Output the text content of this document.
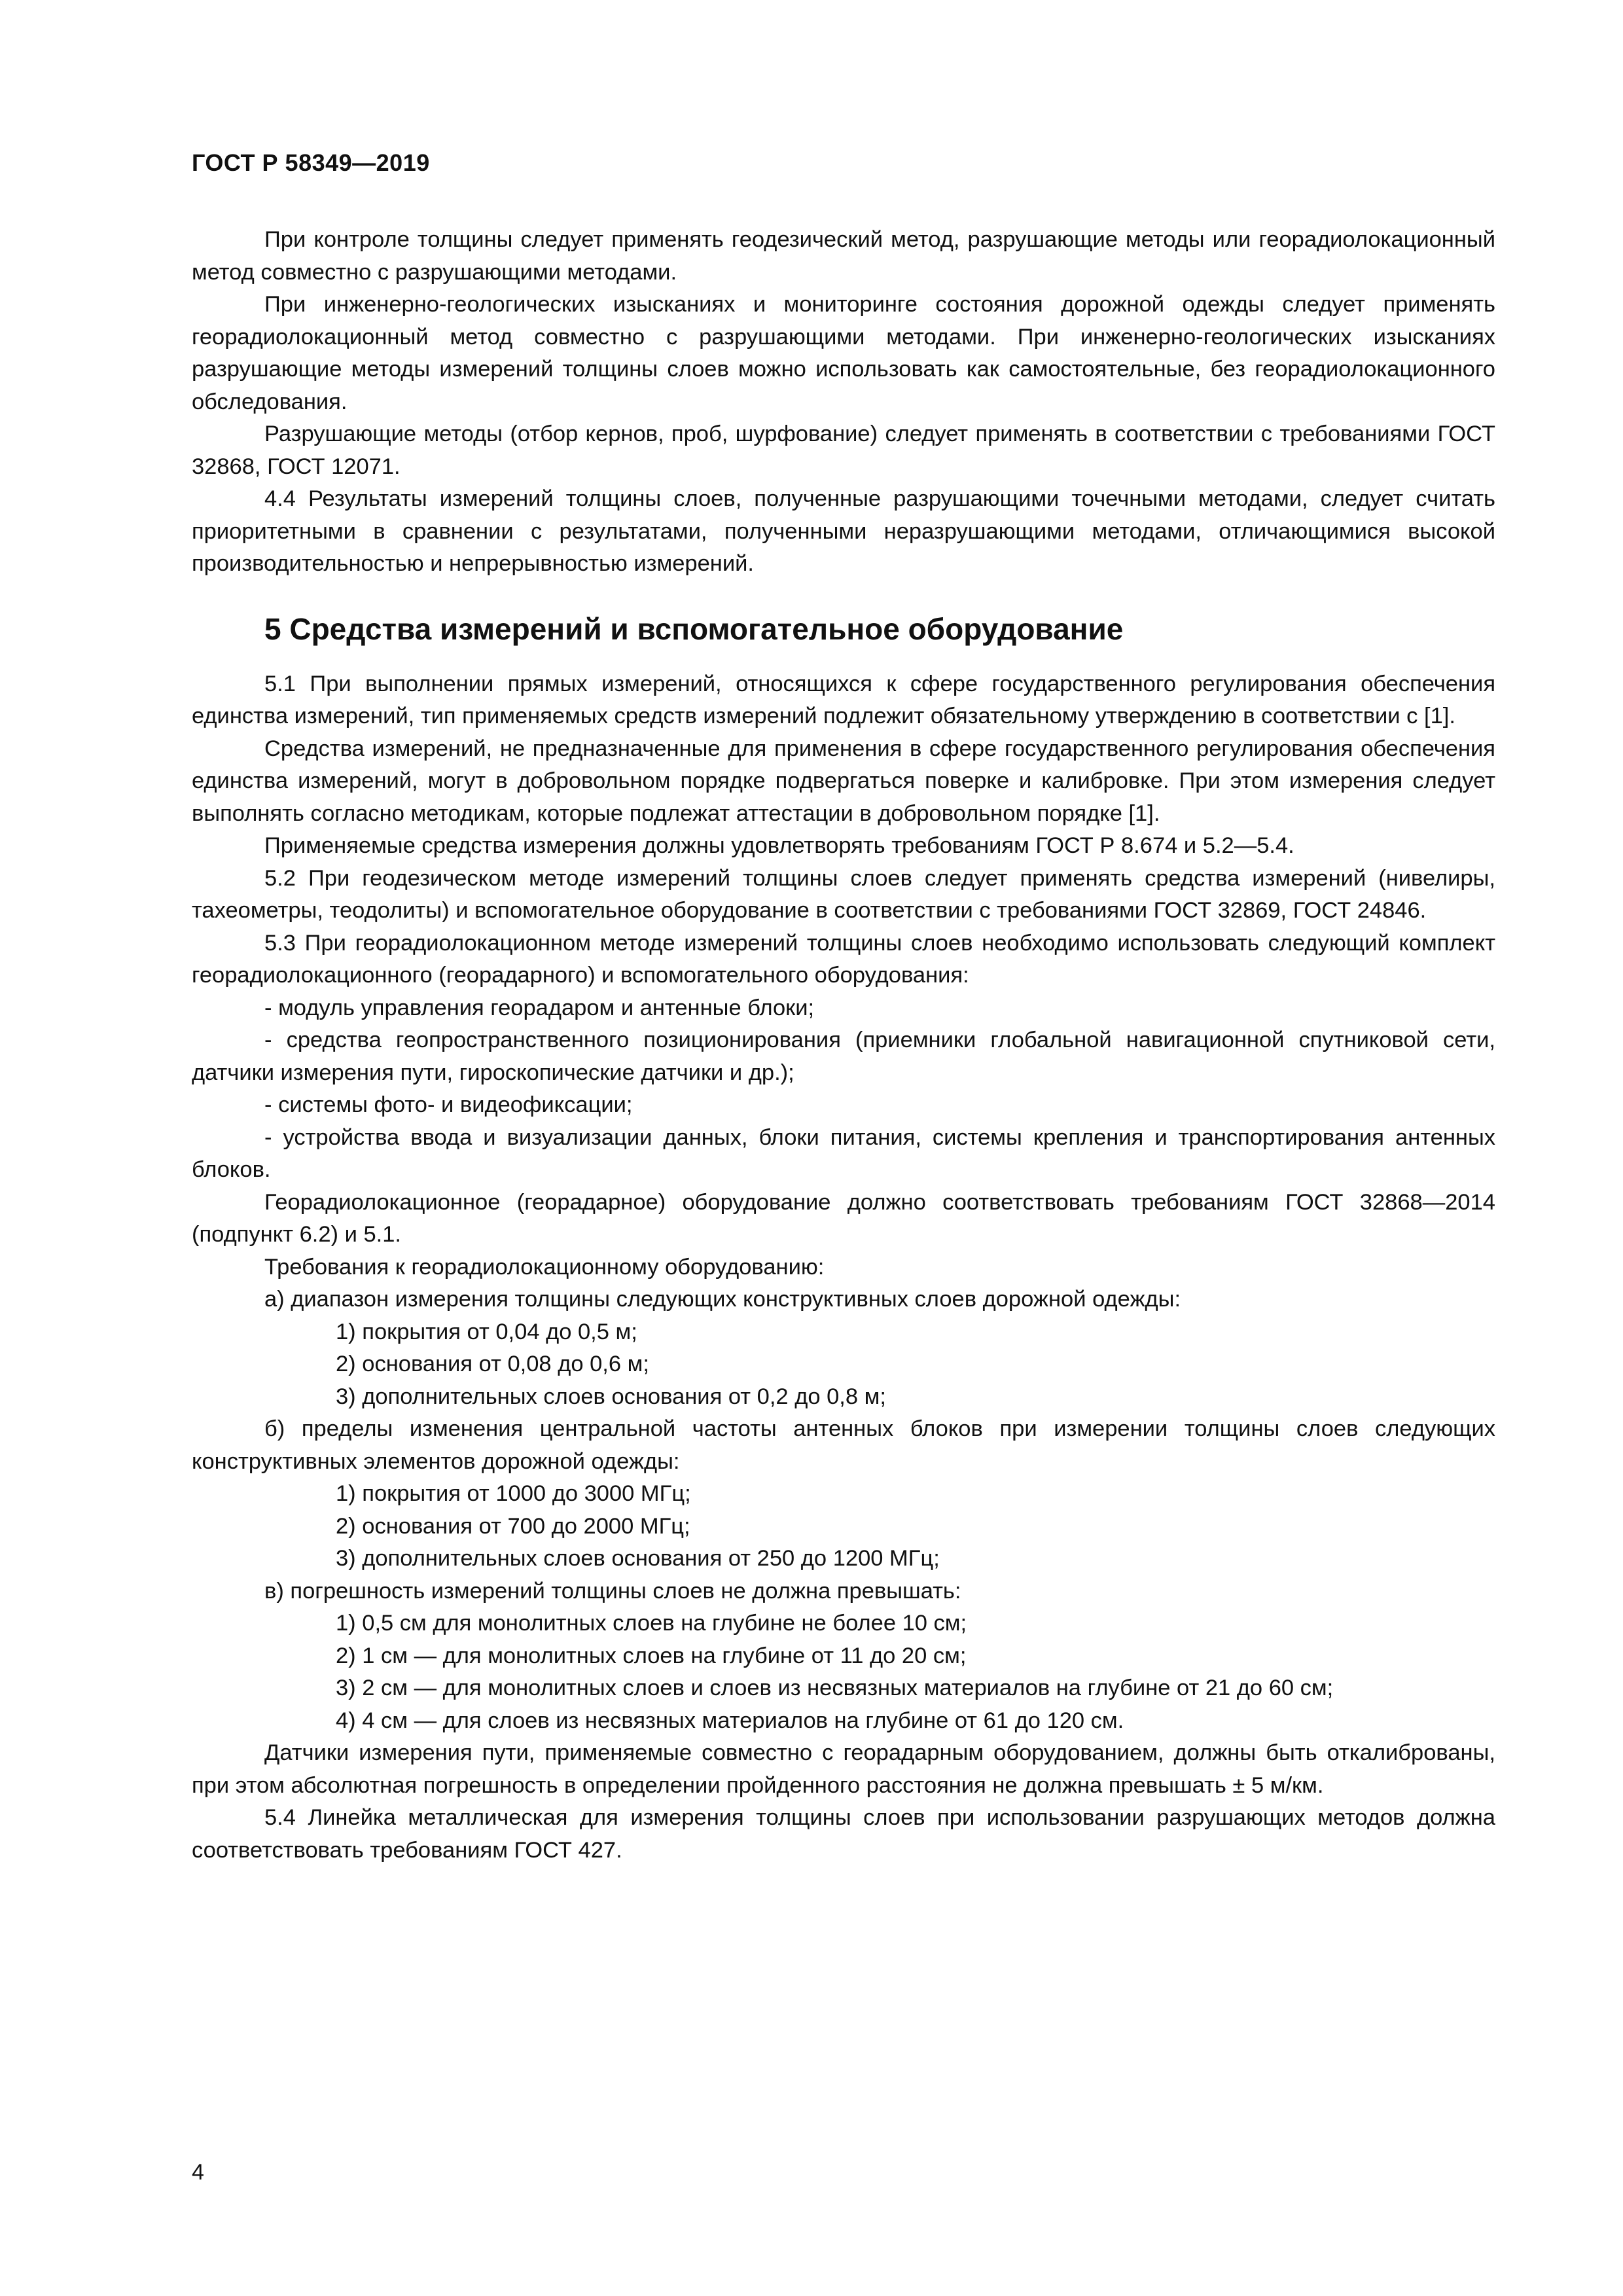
ГОСТ Р 58349—2019

При контроле толщины следует применять геодезический метод, разрушающие методы или георадиолокационный метод совместно с разрушающими методами.

При инженерно-геологических изысканиях и мониторинге состояния дорожной одежды следует применять георадиолокационный метод совместно с разрушающими методами. При инженерно-геологических изысканиях разрушающие методы измерений толщины слоев можно использовать как самостоятельные, без георадиолокационного обследования.

Разрушающие методы (отбор кернов, проб, шурфование) следует применять в соответствии с требованиями ГОСТ 32868, ГОСТ 12071.

4.4 Результаты измерений толщины слоев, полученные разрушающими точечными методами, следует считать приоритетными в сравнении с результатами, полученными неразрушающими методами, отличающимися высокой производительностью и непрерывностью измерений.

5 Средства измерений и вспомогательное оборудование

5.1 При выполнении прямых измерений, относящихся к сфере государственного регулирования обеспечения единства измерений, тип применяемых средств измерений подлежит обязательному утверждению в соответствии с [1].

Средства измерений, не предназначенные для применения в сфере государственного регулирования обеспечения единства измерений, могут в добровольном порядке подвергаться поверке и калибровке. При этом измерения следует выполнять согласно методикам, которые подлежат аттестации в добровольном порядке [1].

Применяемые средства измерения должны удовлетворять требованиям ГОСТ Р 8.674 и 5.2—5.4.

5.2 При геодезическом методе измерений толщины слоев следует применять средства измерений (нивелиры, тахеометры, теодолиты) и вспомогательное оборудование в соответствии с требованиями ГОСТ 32869, ГОСТ 24846.

5.3 При георадиолокационном методе измерений толщины слоев необходимо использовать следующий комплект георадиолокационного (георадарного) и вспомогательного оборудования:

- модуль управления георадаром и антенные блоки;

- средства геопространственного позиционирования (приемники глобальной навигационной спутниковой сети, датчики измерения пути, гироскопические датчики и др.);

- системы фото- и видеофиксации;

- устройства ввода и визуализации данных, блоки питания, системы крепления и транспортирования антенных блоков.

Георадиолокационное (георадарное) оборудование должно соответствовать требованиям ГОСТ 32868—2014 (подпункт 6.2) и 5.1.

Требования к георадиолокационному оборудованию:

а) диапазон измерения толщины следующих конструктивных слоев дорожной одежды:

1) покрытия от 0,04 до 0,5 м;

2) основания от 0,08 до 0,6 м;

3) дополнительных слоев основания от 0,2 до 0,8 м;

б) пределы изменения центральной частоты антенных блоков при измерении толщины слоев следующих конструктивных элементов дорожной одежды:

1) покрытия от 1000 до 3000 МГц;

2) основания от 700 до 2000 МГц;

3) дополнительных слоев основания от 250 до 1200 МГц;

в) погрешность измерений толщины слоев не должна превышать:

1) 0,5 см для монолитных слоев на глубине не более 10 см;

2) 1 см — для монолитных слоев на глубине от 11 до 20 см;

3) 2 см — для монолитных слоев и слоев из несвязных материалов на глубине от 21 до 60 см;

4) 4 см — для слоев из несвязных материалов на глубине от 61 до 120 см.

Датчики измерения пути, применяемые совместно с георадарным оборудованием, должны быть откалиброваны, при этом абсолютная погрешность в определении пройденного расстояния не должна превышать ± 5 м/км.

5.4 Линейка металлическая для измерения толщины слоев при использовании разрушающих методов должна соответствовать требованиям ГОСТ 427.

4
